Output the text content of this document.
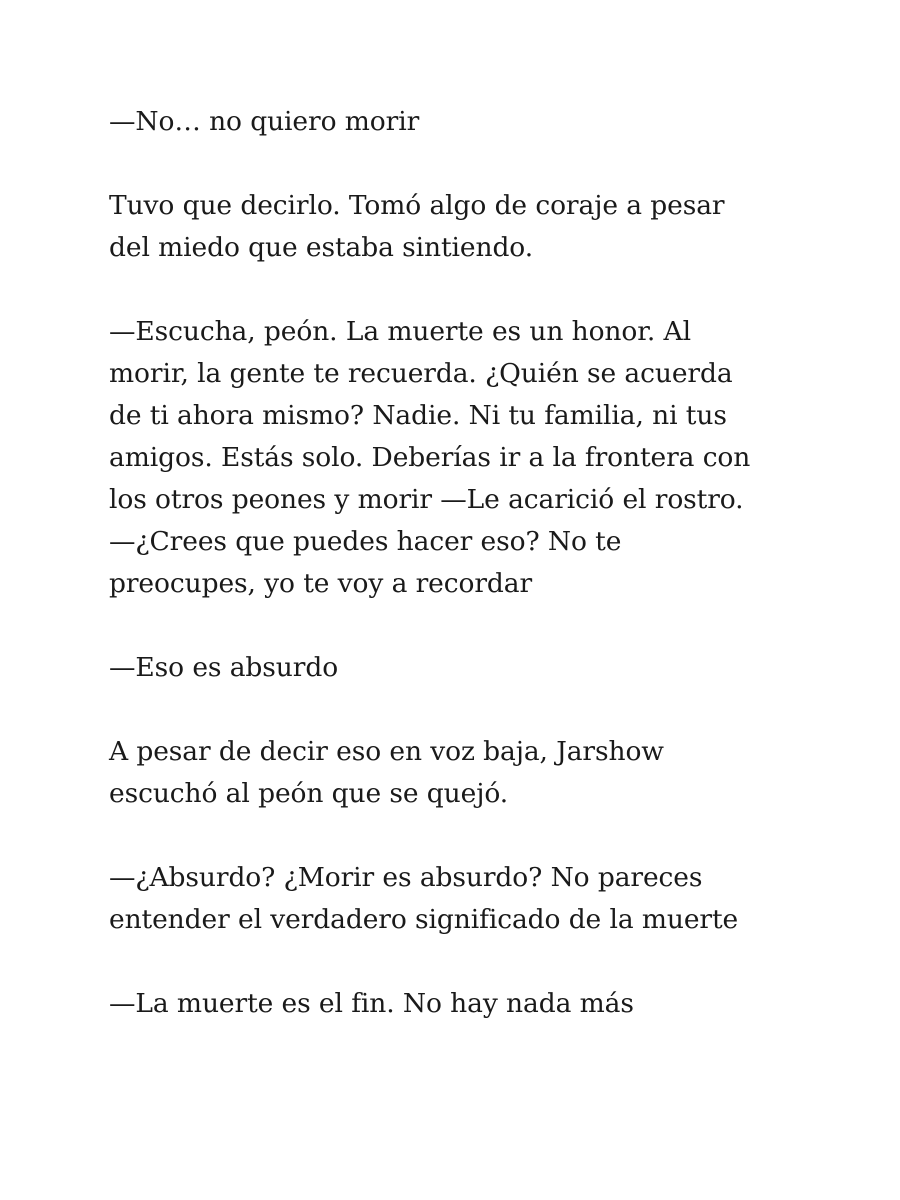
—No… no quiero morir
Tuvo que decirlo. Tomó algo de coraje a pesar
del miedo que estaba sintiendo.
—Escucha, peón. La muerte es un honor. Al
morir, la gente te recuerda. ¿Quién se acuerda
de ti ahora mismo? Nadie. Ni tu familia, ni tus
amigos. Estás solo. Deberías ir a la frontera con
los otros peones y morir —Le acarició el rostro.
—¿Crees que puedes hacer eso? No te
preocupes, yo te voy a recordar
—Eso es absurdo
A pesar de decir eso en voz baja, Jarshow
escuchó al peón que se quejó.
—¿Absurdo? ¿Morir es absurdo? No pareces
entender el verdadero significado de la muerte
—La muerte es el fin. No hay nada más
